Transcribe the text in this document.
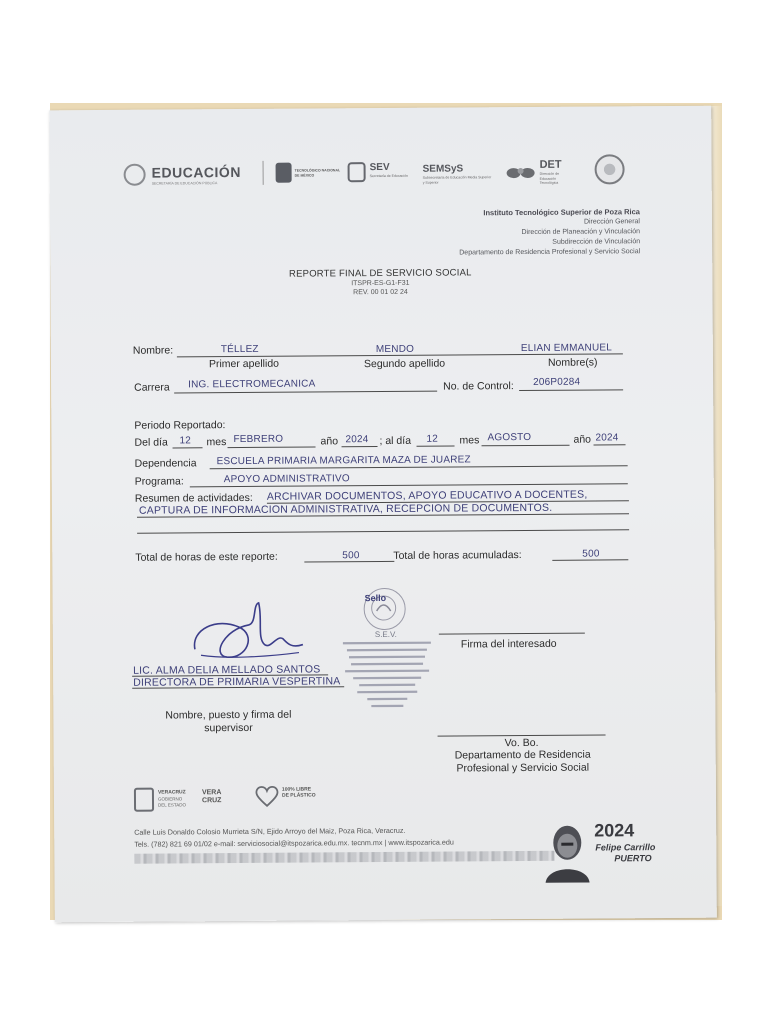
EDUCACIÓN
SECRETARÍA DE EDUCACIÓN PÚBLICA
TECNOLÓGICO NACIONAL DE MÉXICO
SEV
Secretaría de Educación
SEMSyS
Subsecretaría de Educación Media Superior y Superior
DET
Dirección de Educación Tecnológica
Instituto Tecnológico Superior de Poza Rica
Dirección General
Dirección de Planeación y Vinculación
Subdirección de Vinculación
Departamento de Residencia Profesional y Servicio Social
REPORTE FINAL DE SERVICIO SOCIAL
ITSPR-ES-G1-F31
REV. 00 01 02 24
Nombre:	TÉLLEZ	MENDO	ELIAN EMMANUEL
Primer apellido	Segundo apellido	Nombre(s)
Carrera ING. ELECTROMECANICA	No. de Control: 206P0284
Periodo Reportado:
Del día 12 mes FEBRERO	año 2024 ; al día 12 mes AGOSTO	año 2024
Dependencia ESCUELA PRIMARIA MARGARITA MAZA DE JUAREZ
Programa:	APOYO ADMINISTRATIVO
Resumen de actividades: ARCHIVAR DOCUMENTOS, APOYO EDUCATIVO A DOCENTES,
CAPTURA DE INFORMACION ADMINISTRATIVA, RECEPCION DE DOCUMENTOS.
Total de horas de este reporte:	500	Total de horas acumuladas:	500
Sello
S.E.V.
LIC. ALMA DELIA MELLADO SANTOS
DIRECTORA DE PRIMARIA VESPERTINA
Nombre, puesto y firma del
supervisor
Firma del interesado
Vo. Bo.
Departamento de Residencia
Profesional y Servicio Social
VERACRUZ
GOBIERNO DEL ESTADO
VERA CRUZ
100% LIBRE DE PLÁSTICO
Calle Luis Donaldo Colosio Murrieta S/N, Ejido Arroyo del Maiz, Poza Rica, Veracruz.
Tels. (782) 821 69 01/02 e-mail: serviciosocial@itspozarica.edu.mx. tecnm.mx | www.itspozarica.edu
2024
Felipe Carrillo
PUERTO
